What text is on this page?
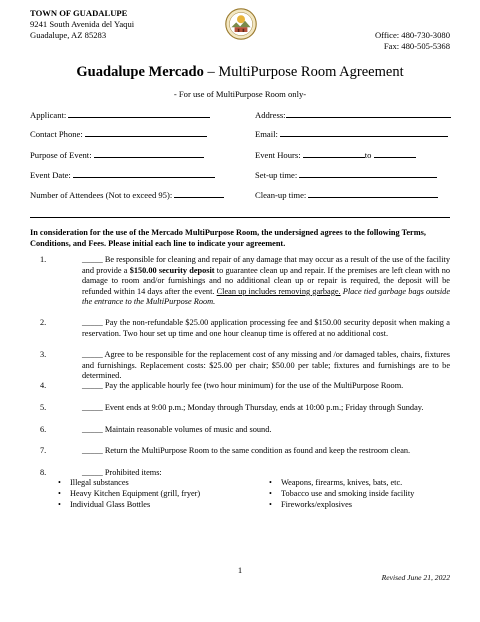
TOWN OF GUADALUPE
9241 South Avenida del Yaqui
Guadalupe, AZ 85283	Office: 480-730-3080
Fax: 480-505-5368
Guadalupe Mercado – MultiPurpose Room Agreement
- For use of MultiPurpose Room only-
Applicant:	Address:
Contact Phone:	Email:
Purpose of Event:	Event Hours:	to
Event Date:	Set-up time:
Number of Attendees (Not to exceed 95):	Clean-up time:
In consideration for the use of the Mercado MultiPurpose Room, the undersigned agrees to the following Terms, Conditions, and Fees. Please initial each line to indicate your agreement.
1.	_____ Be responsible for cleaning and repair of any damage that may occur as a result of the use of the facility and provide a $150.00 security deposit to guarantee clean up and repair. If the premises are left clean with no damage to room and/or furnishings and no additional clean up or repair is required, the deposit will be refunded within 14 days after the event. Clean up includes removing garbage. Place tied garbage bags outside the entrance to the MultiPurpose Room.
2.	_____ Pay the non-refundable $25.00 application processing fee and $150.00 security deposit when making a reservation. Two hour set up time and one hour cleanup time is offered at no additional cost.
3.	_____ Agree to be responsible for the replacement cost of any missing and /or damaged tables, chairs, fixtures and furnishings. Replacement costs: $25.00 per chair; $50.00 per table; fixtures and furnishings are to be determined.
4.	_____ Pay the applicable hourly fee (two hour minimum) for the use of the MultiPurpose Room.
5.	_____ Event ends at 9:00 p.m.; Monday through Thursday, ends at 10:00 p.m.; Friday through Sunday.
6.	_____ Maintain reasonable volumes of music and sound.
7.	_____ Return the MultiPurpose Room to the same condition as found and keep the restroom clean.
8.	_____ Prohibited items:
• Illegal substances
• Heavy Kitchen Equipment (grill, fryer)
• Individual Glass Bottles
• Weapons, firearms, knives, bats, etc.
• Tobacco use and smoking inside facility
• Fireworks/explosives
1
Revised June 21, 2022
